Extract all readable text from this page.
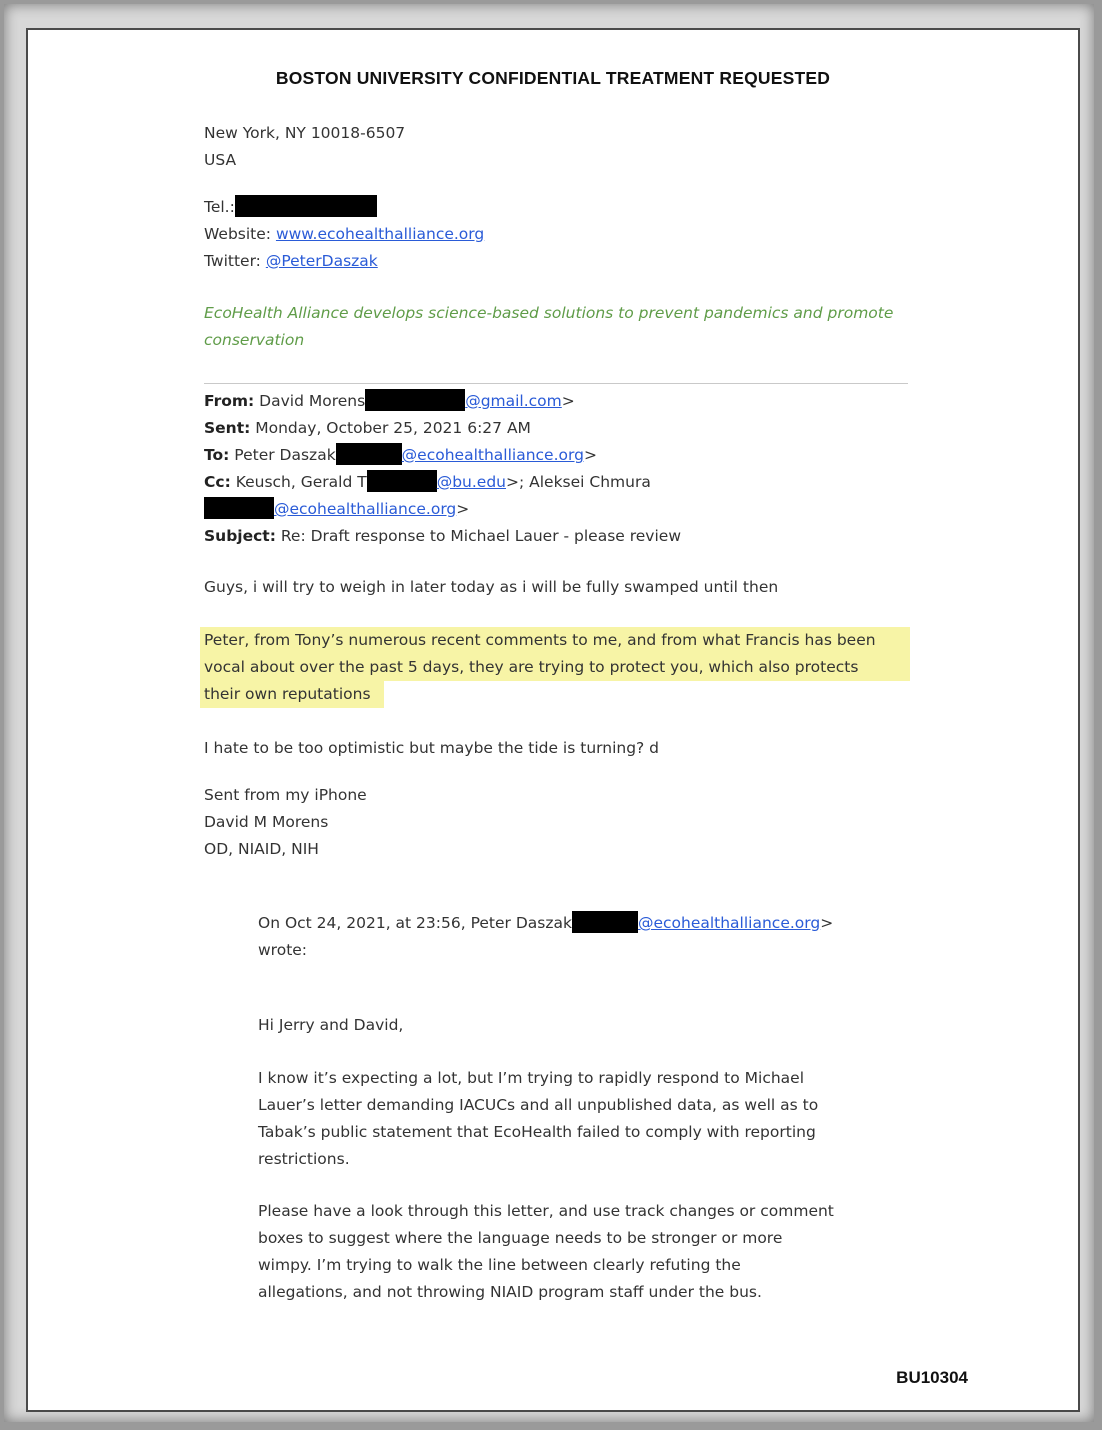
BOSTON UNIVERSITY CONFIDENTIAL TREATMENT REQUESTED
New York, NY 10018-6507
USA
Tel.:
Website: www.ecohealthalliance.org
Twitter: @PeterDaszak
EcoHealth Alliance develops science-based solutions to prevent pandemics and promote
conservation
From: David Morens	@gmail.com>
Sent: Monday, October 25, 2021 6:27 AM
To: Peter Daszak	@ecohealthalliance.org>
Cc: Keusch, Gerald T	@bu.edu>; Aleksei Chmura
@ecohealthalliance.org>
Subject: Re: Draft response to Michael Lauer - please review
Guys, i will try to weigh in later today as i will be fully swamped until then
Peter, from Tony’s numerous recent comments to me, and from what Francis has been
vocal about over the past 5 days, they are trying to protect you, which also protects
their own reputations
I hate to be too optimistic but maybe the tide is turning? d
Sent from my iPhone
David M Morens
OD, NIAID, NIH
On Oct 24, 2021, at 23:56, Peter Daszak	@ecohealthalliance.org>
wrote:
Hi Jerry and David,
I know it’s expecting a lot, but I’m trying to rapidly respond to Michael
Lauer’s letter demanding IACUCs and all unpublished data, as well as to
Tabak’s public statement that EcoHealth failed to comply with reporting
restrictions.
Please have a look through this letter, and use track changes or comment
boxes to suggest where the language needs to be stronger or more
wimpy. I’m trying to walk the line between clearly refuting the
allegations, and not throwing NIAID program staff under the bus.
BU10304
